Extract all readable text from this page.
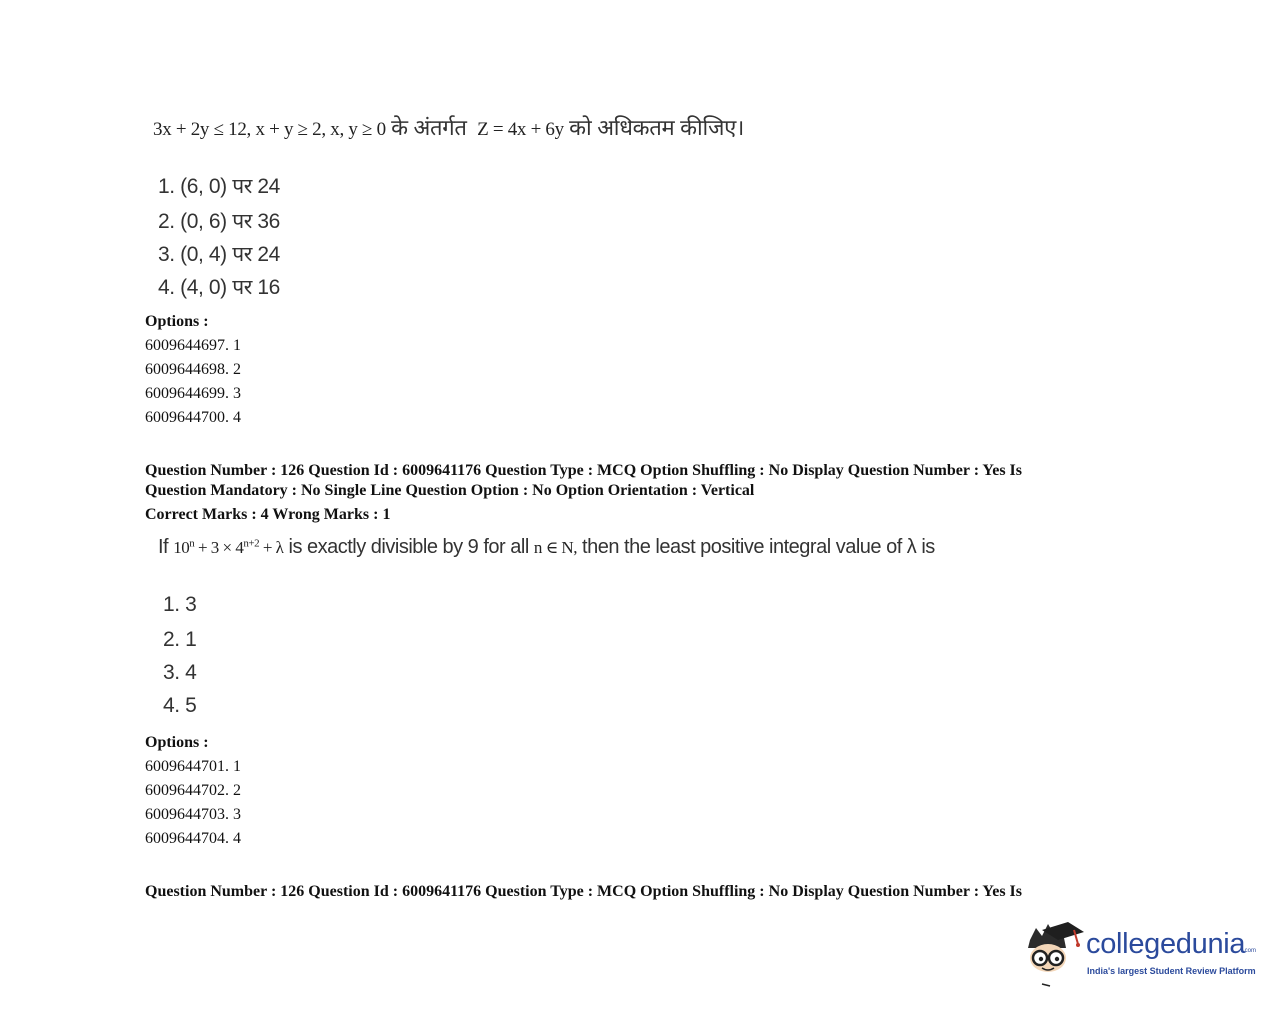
3x + 2y ≤ 12, x + y ≥ 2, x, y ≥ 0 के अंतर्गत Z = 4x + 6y को अधिकतम कीजिए।
1. (6, 0) पर 24
2. (0, 6) पर 36
3. (0, 4) पर 24
4. (4, 0) पर 16
Options :
6009644697. 1
6009644698. 2
6009644699. 3
6009644700. 4
Question Number : 126 Question Id : 6009641176 Question Type : MCQ Option Shuffling : No Display Question Number : Yes Is
Question Mandatory : No Single Line Question Option : No Option Orientation : Vertical
Correct Marks : 4 Wrong Marks : 1
If $10^n + 3 \times 4^{n+2} + \lambda$ is exactly divisible by 9 for all n ∈ N, then the least positive integral value of λ is
1. 3
2. 1
3. 4
4. 5
Options :
6009644701. 1
6009644702. 2
6009644703. 3
6009644704. 4
Question Number : 126 Question Id : 6009641176 Question Type : MCQ Option Shuffling : No Display Question Number : Yes Is
collegedunia
.com
India's largest Student Review Platform
